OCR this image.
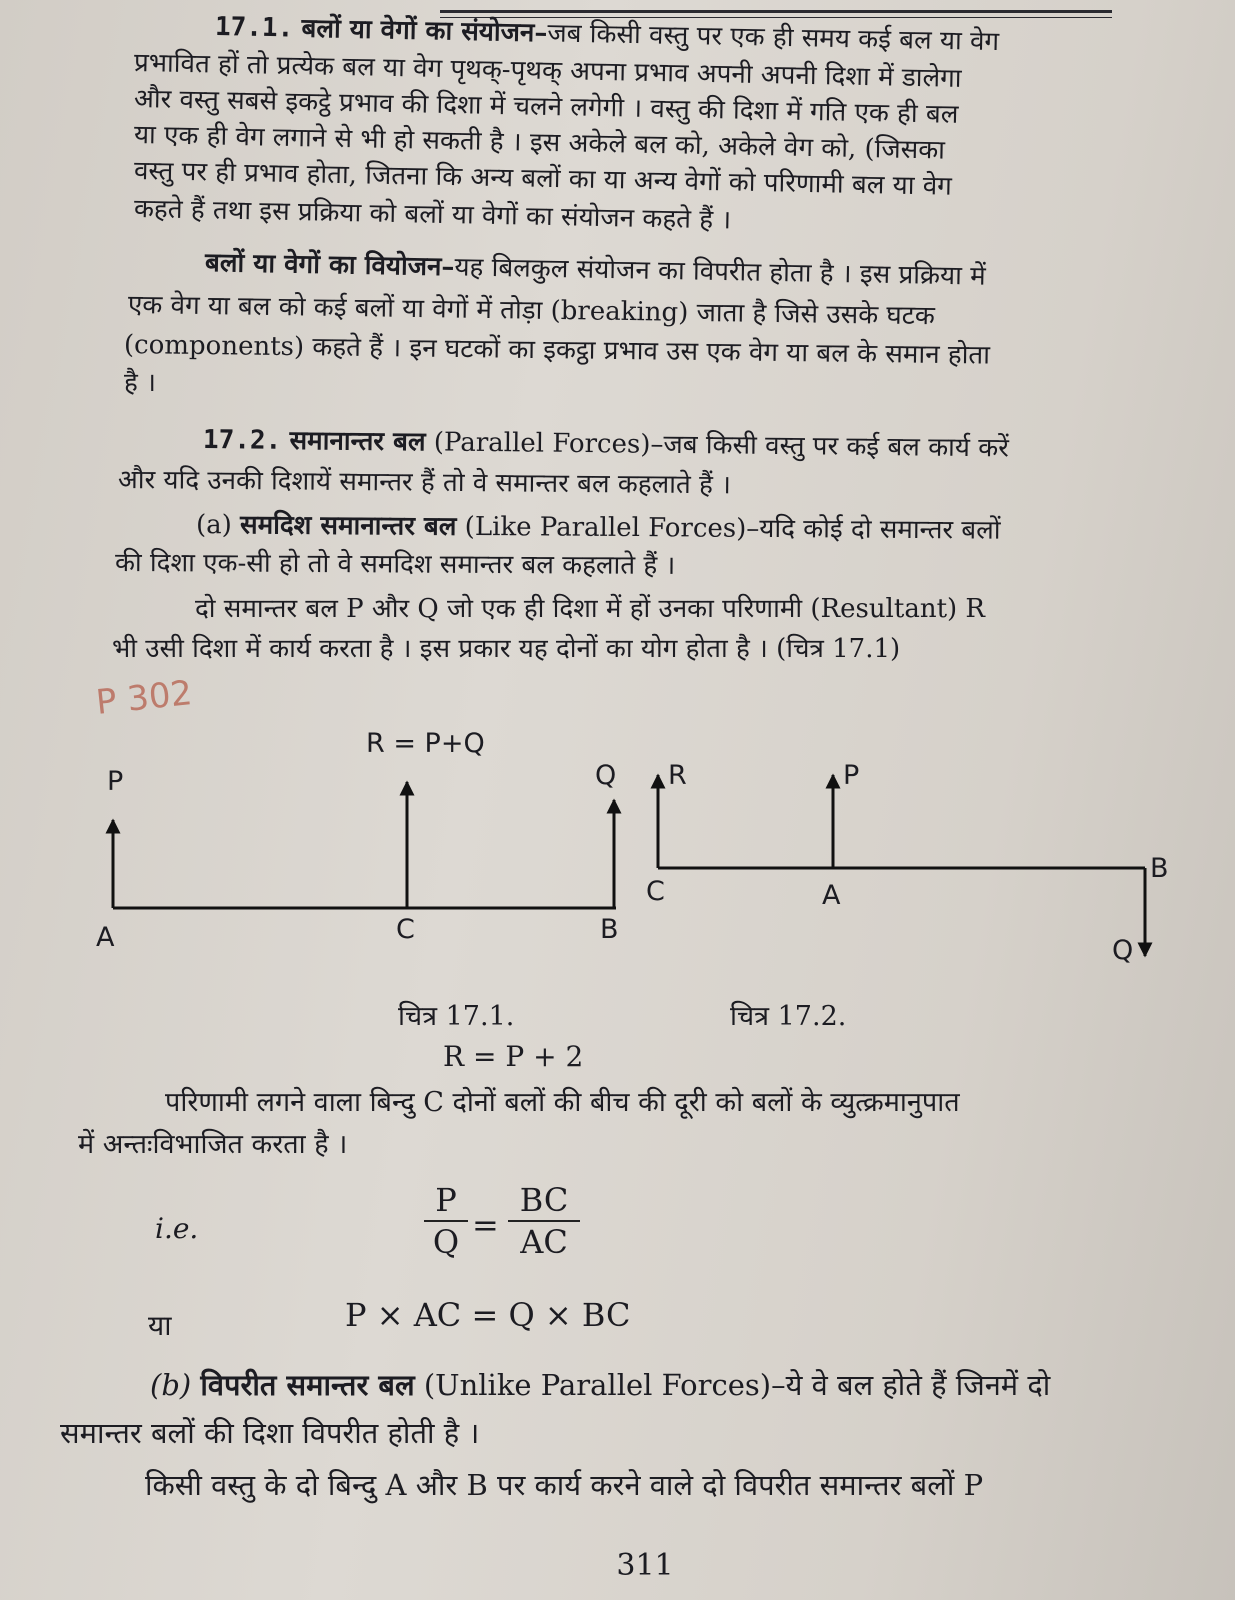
17.1. बलों या वेगों का संयोजन–जब किसी वस्तु पर एक ही समय कई बल या वेग
प्रभावित हों तो प्रत्येक बल या वेग पृथक्-पृथक् अपना प्रभाव अपनी अपनी दिशा में डालेगा
और वस्तु सबसे इकट्ठे प्रभाव की दिशा में चलने लगेगी । वस्तु की दिशा में गति एक ही बल
या एक ही वेग लगाने से भी हो सकती है । इस अकेले बल को, अकेले वेग को, (जिसका
वस्तु पर ही प्रभाव होता, जितना कि अन्य बलों का या अन्य वेगों को परिणामी बल या वेग
कहते हैं तथा इस प्रक्रिया को बलों या वेगों का संयोजन कहते हैं ।
बलों या वेगों का वियोजन–यह बिलकुल संयोजन का विपरीत होता है । इस प्रक्रिया में
एक वेग या बल को कई बलों या वेगों में तोड़ा (breaking) जाता है जिसे उसके घटक
(components) कहते हैं । इन घटकों का इकट्ठा प्रभाव उस एक वेग या बल के समान होता
है ।
17.2. समानान्तर बल (Parallel Forces)–जब किसी वस्तु पर कई बल कार्य करें
और यदि उनकी दिशायें समान्तर हैं तो वे समान्तर बल कहलाते हैं ।
(a) समदिश समानान्तर बल (Like Parallel Forces)–यदि कोई दो समान्तर बलों
की दिशा एक-सी हो तो वे समदिश समान्तर बल कहलाते हैं ।
दो समान्तर बल P और Q जो एक ही दिशा में हों उनका परिणामी (Resultant) R
भी उसी दिशा में कार्य करता है । इस प्रकार यह दोनों का योग होता है । (चित्र 17.1)
P 302
P
R = P+Q
Q
A	C	B
चित्र 17.1.
R	P
C	A
B
Q
चित्र 17.2.
R = P + 2
परिणामी लगने वाला बिन्दु C दोनों बलों की बीच की दूरी को बलों के व्युत्क्रमानुपात
में अन्तःविभाजित करता है ।
i.e.	$\frac{P}{Q} = \frac{BC}{AC}$
या	P × AC = Q × BC
(b) विपरीत समान्तर बल (Unlike Parallel Forces)–ये वे बल होते हैं जिनमें दो
समान्तर बलों की दिशा विपरीत होती है ।
किसी वस्तु के दो बिन्दु A और B पर कार्य करने वाले दो विपरीत समान्तर बलों P
311
